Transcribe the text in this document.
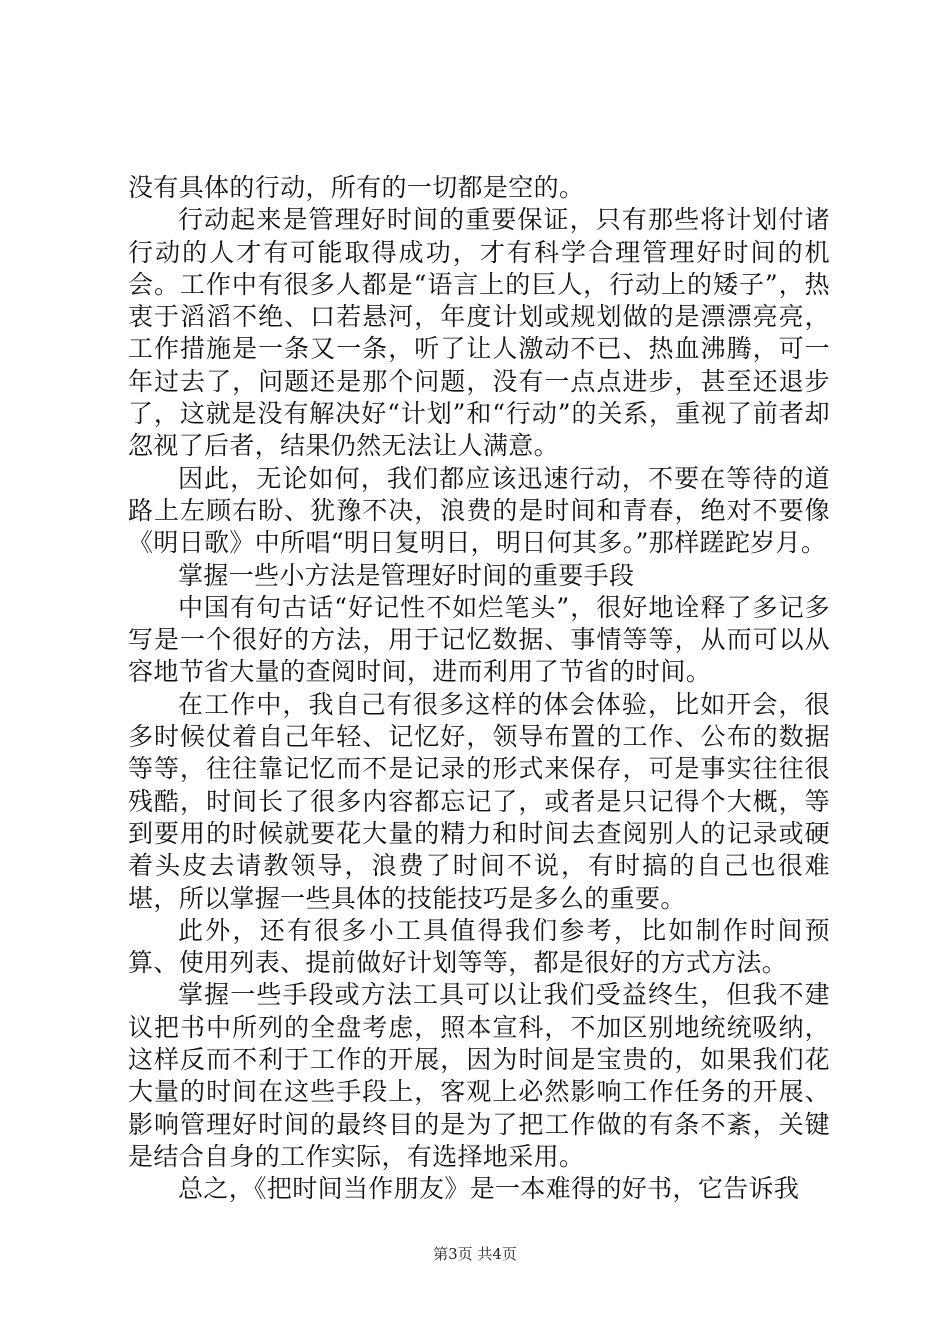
没有具体的行动，所有的一切都是空的。

行动起来是管理好时间的重要保证，只有那些将计划付诸行动的人才有可能取得成功，才有科学合理管理好时间的机会。工作中有很多人都是“语言上的巨人，行动上的矮子”，热衷于滔滔不绝、口若悬河，年度计划或规划做的是漂漂亮亮，工作措施是一条又一条，听了让人激动不已、热血沸腾，可一年过去了，问题还是那个问题，没有一点点进步，甚至还退步了，这就是没有解决好“计划”和“行动”的关系，重视了前者却忽视了后者，结果仍然无法让人满意。

因此，无论如何，我们都应该迅速行动，不要在等待的道路上左顾右盼、犹豫不决，浪费的是时间和青春，绝对不要像《明日歌》中所唱“明日复明日，明日何其多。”那样蹉跎岁月。

掌握一些小方法是管理好时间的重要手段

中国有句古话“好记性不如烂笔头”，很好地诠释了多记多写是一个很好的方法，用于记忆数据、事情等等，从而可以从容地节省大量的查阅时间，进而利用了节省的时间。

在工作中，我自己有很多这样的体会体验，比如开会，很多时候仗着自己年轻、记忆好，领导布置的工作、公布的数据等等，往往靠记忆而不是记录的形式来保存，可是事实往往很残酷，时间长了很多内容都忘记了，或者是只记得个大概，等到要用的时候就要花大量的精力和时间去查阅别人的记录或硬着头皮去请教领导，浪费了时间不说，有时搞的自己也很难堪，所以掌握一些具体的技能技巧是多么的重要。

此外，还有很多小工具值得我们参考，比如制作时间预算、使用列表、提前做好计划等等，都是很好的方式方法。

掌握一些手段或方法工具可以让我们受益终生，但我不建议把书中所列的全盘考虑，照本宣科，不加区别地统统吸纳，这样反而不利于工作的开展，因为时间是宝贵的，如果我们花大量的时间在这些手段上，客观上必然影响工作任务的开展、影响管理好时间的最终目的是为了把工作做的有条不紊，关键是结合自身的工作实际，有选择地采用。

总之，《把时间当作朋友》是一本难得的好书，它告诉我

第3页 共4页
